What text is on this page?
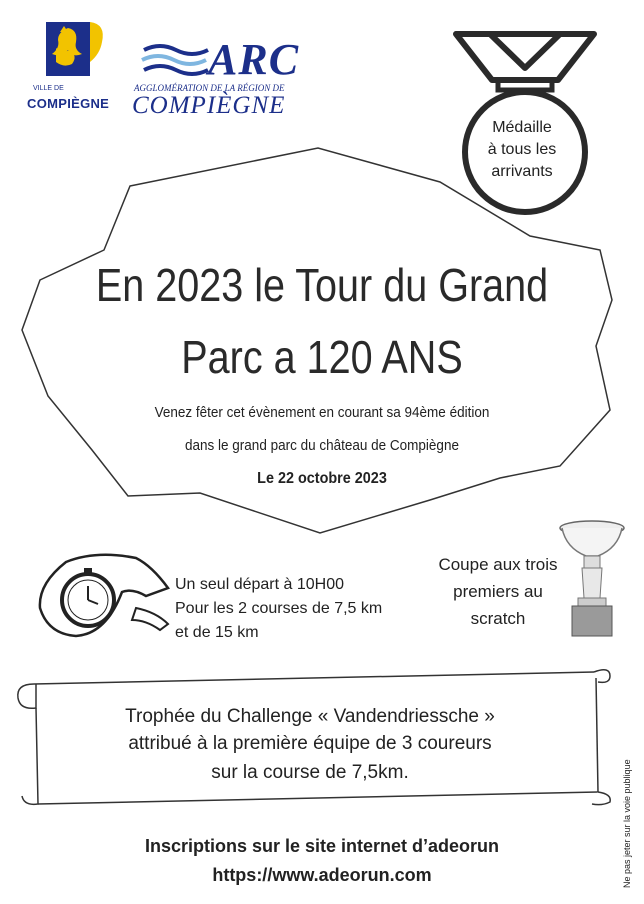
VILLE DE
COMPIÈGNE
ARC
AGGLOMÉRATION DE LA RÉGION DE
COMPIÈGNE
Médaille
à tous les
arrivants
En 2023 le Tour du Grand
Parc a 120 ANS
Venez fêter cet évènement en courant sa 94ème édition
dans le grand parc du château de Compiègne
Le 22 octobre 2023
Un seul départ à 10H00
Pour les 2 courses de 7,5 km
et de 15 km
Coupe aux trois
premiers au
scratch
Trophée du Challenge « Vandendriessche »
attribué à la première équipe de 3 coureurs
sur la course de 7,5km.	Ne pas jeter sur la voie publique
Inscriptions sur le site internet d’adeorun
https://www.adeorun.com
